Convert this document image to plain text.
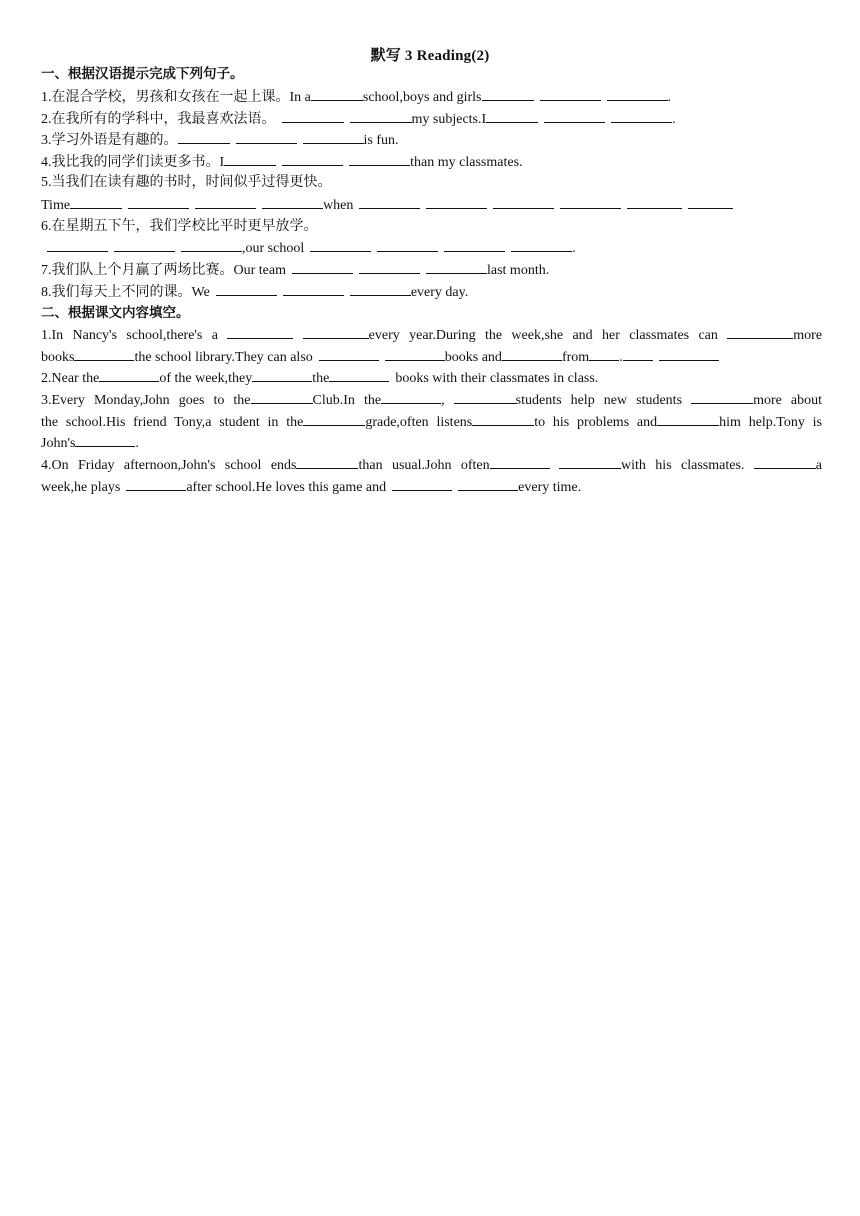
默写 3 Reading(2)
一、根据汉语提示完成下列句子。
1.在混合学校，男孩和女孩在一起上课。In a	school,boys and girls	.
2.在我所有的学科中，我最喜欢法语。	my subjects.I	.
3.学习外语是有趣的。	is fun.
4.我比我的同学们读更多书。I	than my classmates.
5.当我们在读有趣的书时，时间似乎过得更快。
Time	when
6.在星期五下午，我们学校比平时更早放学。
,our school	.
7.我们队上个月赢了两场比赛。Our team	last month.
8.我们每天上不同的课。We	every day.
二、根据课文内容填空。
1.In Nancy's school,there's a	every year.During the week,she and her classmates can	more
books	the school library.They can also	books and	from .
2.Near the	of the week,they	the	books with their classmates in class.
3.Every Monday,John goes to the	Club.In the	,	students help new students	more about
the school.His friend Tony,a student in the	grade,often listens	to his problems and	him help.Tony is
John's	.
4.On Friday afternoon,John's school ends	than usual.John often	with his classmates.	a
week,he plays	after school.He loves this game and	every time.
